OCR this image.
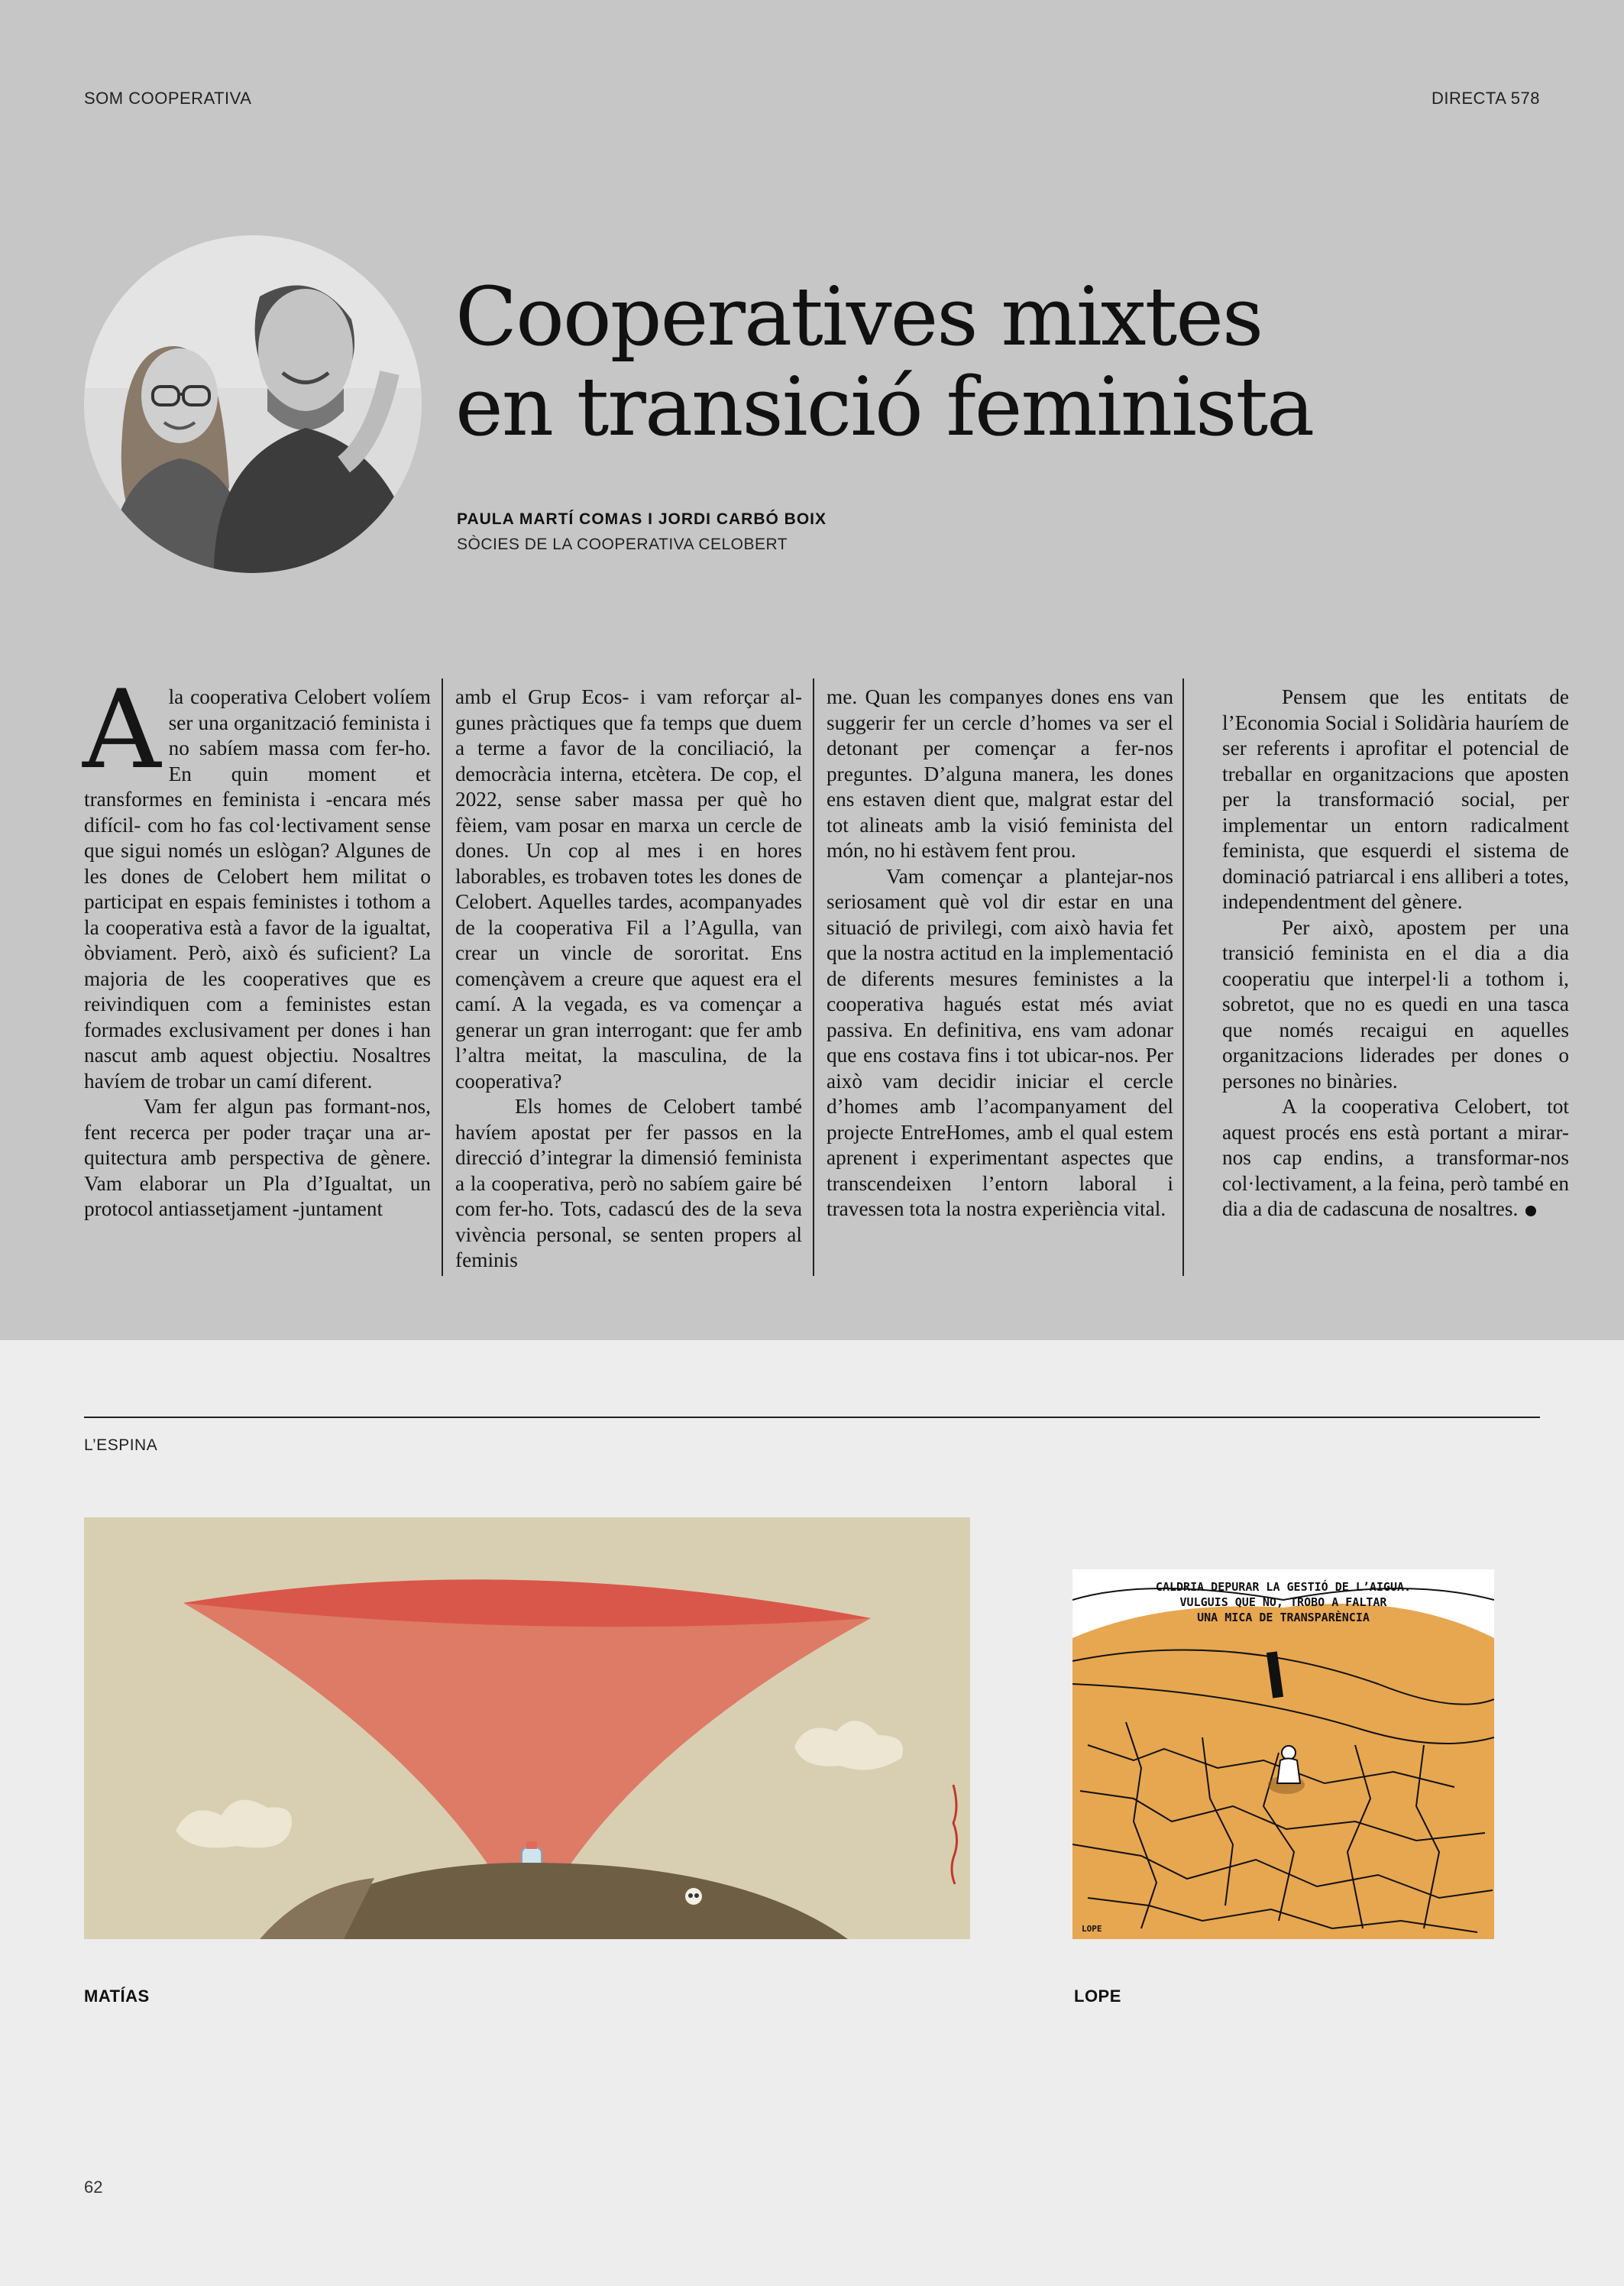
SOM COOPERATIVA	DIRECTA 578
Cooperatives mixtes
en transició feminista
PAULA MARTÍ COMAS I JORDI CARBÓ BOIX
SÒCIES DE LA COOPERATIVA CELOBERT

Ala cooperativa Celobert volíem ser una organització feminista i no sabíem massa com fer-ho. En quin moment et transformes en feminista i -encara més difícil- com ho fas col·lectivament sense que sigui només un eslògan? Algunes de les dones de Celobert hem militat o participat en espais feministes i tothom a la cooperativa està a favor de la igualtat, òbviament. Però, això és suficient? La majoria de les cooperatives que es reivindiquen com a feministes estan formades exclusivament per dones i han nascut amb aquest objectiu. Nosaltres havíem de trobar un camí diferent.

Vam fer algun pas formant-nos, fent recerca per poder traçar una arquitectura amb perspectiva de gènere. Vam elaborar un Pla d’Igualtat, un protocol antiassetjament -juntament

amb el Grup Ecos- i vam reforçar algunes pràctiques que fa temps que duem a terme a favor de la conciliació, la democràcia interna, etcètera. De cop, el 2022, sense saber massa per què ho fèiem, vam posar en marxa un cercle de dones. Un cop al mes i en hores laborables, es trobaven totes les dones de Celobert. Aquelles tardes, acompanyades de la cooperativa Fil a l’Agulla, van crear un vincle de sororitat. Ens començàvem a creure que aquest era el camí. A la vegada, es va començar a generar un gran interrogant: que fer amb l’altra meitat, la masculina, de la cooperativa?

Els homes de Celobert també havíem apostat per fer passos en la direcció d’integrar la dimensió feminista a la cooperativa, però no sabíem gaire bé com fer-ho. Tots, cadascú des de la seva vivència personal, se senten propers al feminis

me. Quan les companyes dones ens van suggerir fer un cercle d’homes va ser el detonant per començar a fer-nos preguntes. D’alguna manera, les dones ens estaven dient que, malgrat estar del tot alineats amb la visió feminista del món, no hi estàvem fent prou.

Vam començar a plantejar-nos seriosament què vol dir estar en una situació de privilegi, com això havia fet que la nostra actitud en la implementació de diferents mesures feministes a la cooperativa hagués estat més aviat passiva. En definitiva, ens vam adonar que ens costava fins i tot ubicar-nos. Per això vam decidir iniciar el cercle d’homes amb l’acompanyament del projecte EntreHomes, amb el qual estem aprenent i experimentant aspectes que transcendeixen l’entorn laboral i travessen tota la nostra experiència vital.

Pensem que les entitats de l’Economia Social i Solidària hauríem de ser referents i aprofitar el potencial de treballar en organitzacions que aposten per la transformació social, per implementar un entorn radicalment feminista, que esquerdi el sistema de dominació patriarcal i ens alliberi a totes, independentment del gènere.

Per això, apostem per una transició feminista en el dia a dia cooperatiu que interpel·li a tothom i, sobretot, que no es quedi en una tasca que només recaigui en aquelles organitzacions liderades per dones o persones no binàries.

A la cooperativa Celobert, tot aquest procés ens està portant a mirar-nos cap endins, a transformar-nos col·lectivament, a la feina, però també en dia a dia de cadascuna de nosaltres.

L’ESPINA
CALDRIA DEPURAR LA GESTIÓ DE L’AIGUA.
VULGUIS QUE NO, TROBO A FALTAR
UNA MICA DE TRANSPARÈNCIA
LOPE
MATÍAS	LOPE
62
